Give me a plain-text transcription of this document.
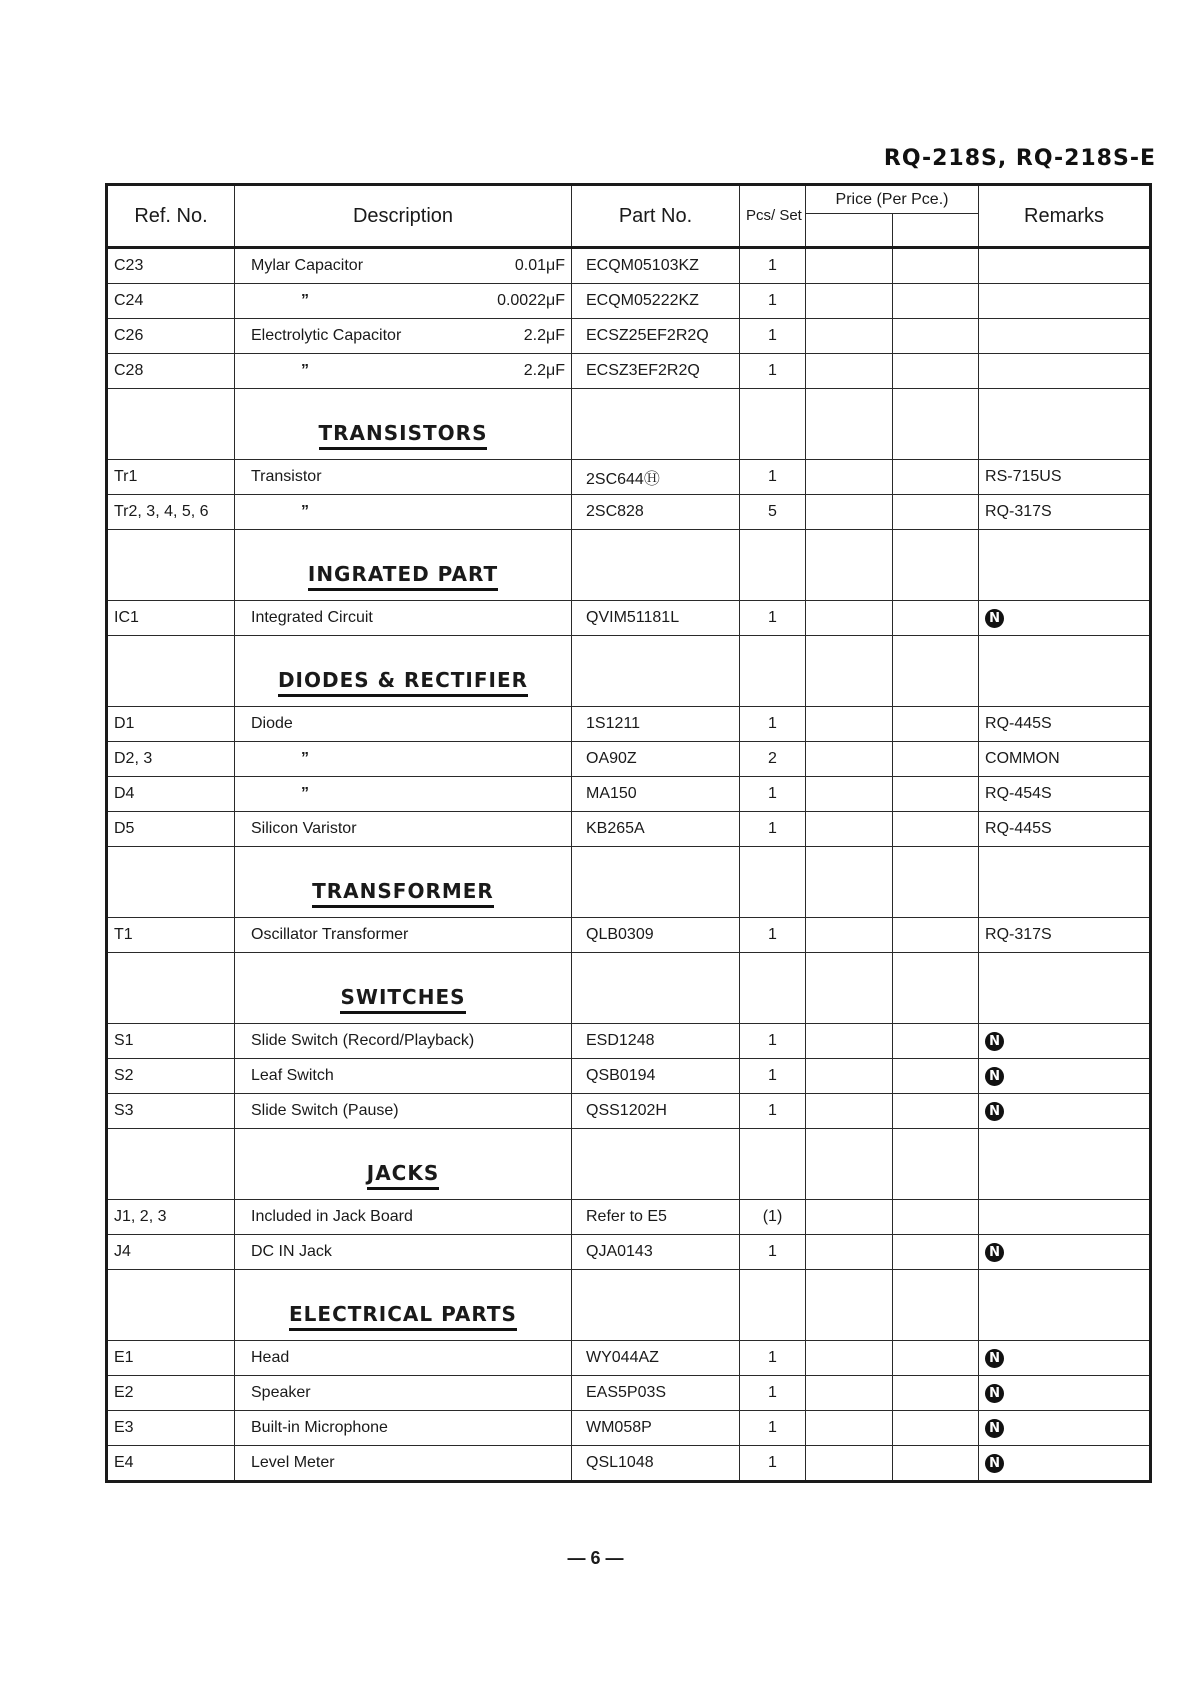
RQ-218S, RQ-218S-E
Ref. No.	Description	Part No.	Pcs/ Set	Price (Per Pce.)		Remarks

C23	Mylar Capacitor 0.01μF	ECQM05103KZ	1			
C24	” 0.0022μF	ECQM05222KZ	1			
C26	Electrolytic Capacitor 2.2μF	ECSZ25EF2R2Q	1			
C28	” 2.2μF	ECSZ3EF2R2Q	1			

	TRANSISTORS					

Tr1	Transistor	2SC644Ⓗ	1			RS-715US
Tr2, 3, 4, 5, 6	”	2SC828	5			RQ-317S

	INGRATED PART					

IC1	Integrated Circuit	QVIM51181L	1			N

	DIODES & RECTIFIER					

D1	Diode	1S1211	1			RQ-445S
D2, 3	”	OA90Z	2			COMMON
D4	”	MA150	1			RQ-454S
D5	Silicon Varistor	KB265A	1			RQ-445S

	TRANSFORMER					

T1	Oscillator Transformer	QLB0309	1			RQ-317S

	SWITCHES					

S1	Slide Switch (Record/Playback)	ESD1248	1			N
S2	Leaf Switch	QSB0194	1			N
S3	Slide Switch (Pause)	QSS1202H	1			N

	JACKS					

J1, 2, 3	Included in Jack Board	Refer to E5	(1)			
J4	DC IN Jack	QJA0143	1			N

	ELECTRICAL PARTS					

E1	Head	WY044AZ	1			N
E2	Speaker	EAS5P03S	1			N
E3	Built-in Microphone	WM058P	1			N
E4	Level Meter	QSL1048	1			N
— 6 —
